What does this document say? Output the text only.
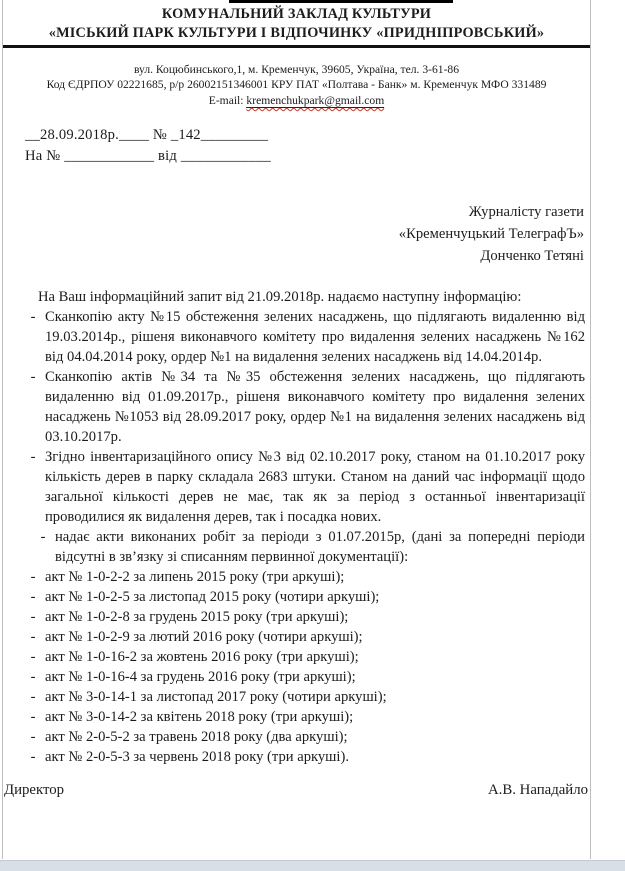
КОМУНАЛЬНИЙ ЗАКЛАД КУЛЬТУРИ
«МІСЬКИЙ ПАРК КУЛЬТУРИ І ВІДПОЧИНКУ «ПРИДНІПРОВСЬКИЙ»
вул. Коцюбинського,1, м. Кременчук, 39605, Україна, тел. 3-61-86
Код ЄДРПОУ 02221685, р/р 26002151346001 КРУ ПАТ «Полтава - Банк» м. Кременчук МФО 331489
E-mail: kremenchukpark@gmail.com
__28.09.2018р.____ № _142_________
На № ____________ від ____________
Журналісту газети
«Кременчуцький ТелеграфЪ»
Донченко Тетяні
На Ваш інформаційний запит від 21.09.2018р. надаємо наступну інформацію:
- Сканкопію акту №15 обстеження зелених насаджень, що підлягають видаленню від 19.03.2014р., рішеня виконавчого комітету про видалення зелених насаджень №162 від 04.04.2014 року, ордер №1 на видалення зелених насаджень від 14.04.2014р.
- Сканкопію актів №34 та №35 обстеження зелених насаджень, що підлягають видаленню від 01.09.2017р., рішеня виконавчого комітету про видалення зелених насаджень №1053 від 28.09.2017 року, ордер №1 на видалення зелених насаджень від 03.10.2017р.
- Згідно інвентаризаційного опису №3 від 02.10.2017 року, станом на 01.10.2017 року кількість дерев в парку складала 2683 штуки. Станом на даний час інформації щодо загальної кількості дерев не має, так як за період з останньої інвентаризації проводилися як видалення дерев, так і посадка нових.
- надає акти виконаних робіт за періоди з 01.07.2015р, (дані за попередні періоди відсутні в зв’язку зі списанням первинної документації):
- акт № 1-0-2-2 за липень 2015 року (три аркуші);
- акт № 1-0-2-5 за листопад 2015 року (чотири аркуші);
- акт № 1-0-2-8 за грудень 2015 року (три аркуші);
- акт № 1-0-2-9 за лютий 2016 року (чотири аркуші);
- акт № 1-0-16-2 за жовтень 2016 року (три аркуші);
- акт № 1-0-16-4 за грудень 2016 року (три аркуші);
- акт № 3-0-14-1 за листопад 2017 року (чотири аркуші);
- акт № 3-0-14-2 за квітень 2018 року (три аркуші);
- акт № 2-0-5-2 за травень 2018 року (два аркуші);
- акт № 2-0-5-3 за червень 2018 року (три аркуші).
Директор	А.В. Нападайло
